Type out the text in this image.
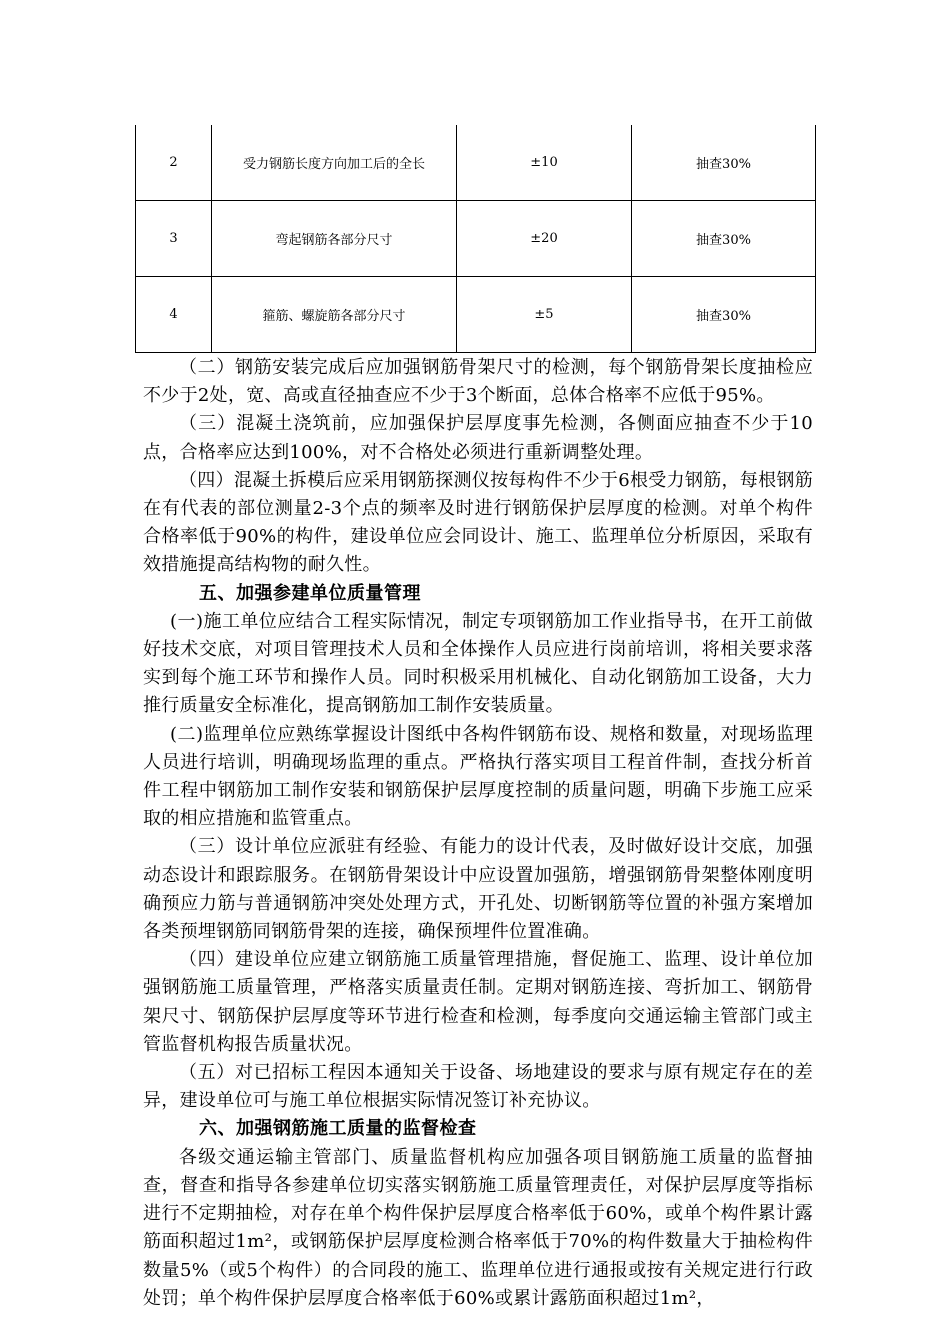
2	受力钢筋长度方向加工后的全长	±10	抽查30%
3	弯起钢筋各部分尺寸	±20	抽查30%
4	箍筋、螺旋筋各部分尺寸	±5	抽查30%

（二）钢筋安装完成后应加强钢筋骨架尺寸的检测，每个钢筋骨架长度抽检应不少于2处，宽、高或直径抽查应不少于3个断面，总体合格率不应低于95%。

（三）混凝土浇筑前，应加强保护层厚度事先检测，各侧面应抽查不少于10点，合格率应达到100%，对不合格处必须进行重新调整处理。

（四）混凝土拆模后应采用钢筋探测仪按每构件不少于6根受力钢筋，每根钢筋在有代表的部位测量2-3个点的频率及时进行钢筋保护层厚度的检测。对单个构件合格率低于90%的构件，建设单位应会同设计、施工、监理单位分析原因，采取有效措施提高结构物的耐久性。

五、加强参建单位质量管理

(一)施工单位应结合工程实际情况，制定专项钢筋加工作业指导书，在开工前做好技术交底，对项目管理技术人员和全体操作人员应进行岗前培训，将相关要求落实到每个施工环节和操作人员。同时积极采用机械化、自动化钢筋加工设备，大力推行质量安全标准化，提高钢筋加工制作安装质量。

(二)监理单位应熟练掌握设计图纸中各构件钢筋布设、规格和数量，对现场监理人员进行培训，明确现场监理的重点。严格执行落实项目工程首件制，查找分析首件工程中钢筋加工制作安装和钢筋保护层厚度控制的质量问题，明确下步施工应采取的相应措施和监管重点。

（三）设计单位应派驻有经验、有能力的设计代表，及时做好设计交底，加强动态设计和跟踪服务。在钢筋骨架设计中应设置加强筋，增强钢筋骨架整体刚度明确预应力筋与普通钢筋冲突处处理方式，开孔处、切断钢筋等位置的补强方案增加各类预埋钢筋同钢筋骨架的连接，确保预埋件位置准确。

（四）建设单位应建立钢筋施工质量管理措施，督促施工、监理、设计单位加强钢筋施工质量管理，严格落实质量责任制。定期对钢筋连接、弯折加工、钢筋骨架尺寸、钢筋保护层厚度等环节进行检查和检测，每季度向交通运输主管部门或主管监督机构报告质量状况。

（五）对已招标工程因本通知关于设备、场地建设的要求与原有规定存在的差异，建设单位可与施工单位根据实际情况签订补充协议。

六、加强钢筋施工质量的监督检查

各级交通运输主管部门、质量监督机构应加强各项目钢筋施工质量的监督抽查，督查和指导各参建单位切实落实钢筋施工质量管理责任，对保护层厚度等指标进行不定期抽检，对存在单个构件保护层厚度合格率低于60%，或单个构件累计露筋面积超过1m²，或钢筋保护层厚度检测合格率低于70%的构件数量大于抽检构件数量5%（或5个构件）的合同段的施工、监理单位进行通报或按有关规定进行行政处罚；单个构件保护层厚度合格率低于60%或累计露筋面积超过1m²，
